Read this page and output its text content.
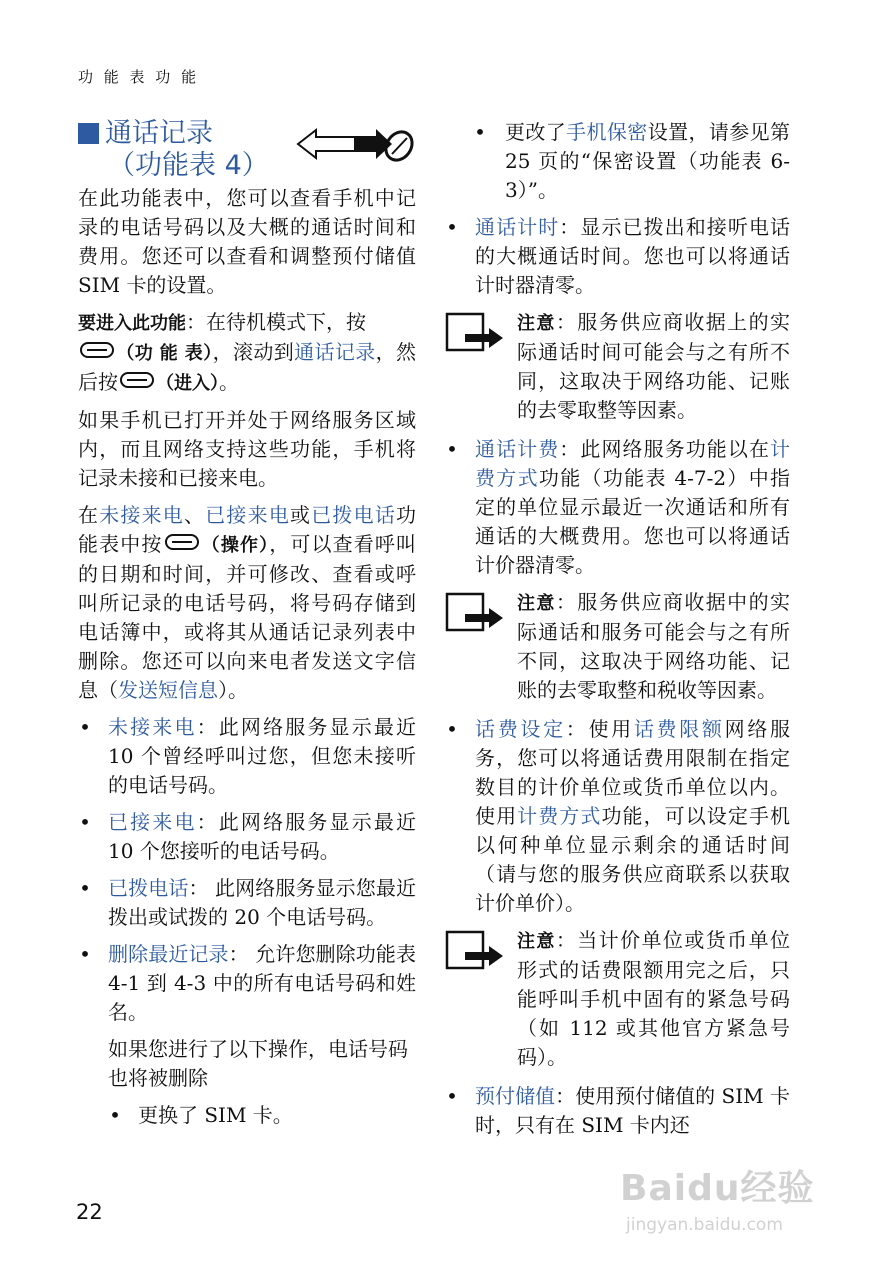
功 能 表 功 能
通话记录
（功能表 4）

在此功能表中，您可以查看手机中记录的电话号码以及大概的通话时间和费用。您还可以查看和调整预付储值 SIM 卡的设置。

要进入此功能：在待机模式下，按
（功 能 表），滚动到通话记录，然后按 （进入）。

如果手机已打开并处于网络服务区域内，而且网络支持这些功能，手机将记录未接和已接来电。

在未接来电、已接来电或已拨电话功能表中按 （操作），可以查看呼叫的日期和时间，并可修改、查看或呼叫所记录的电话号码，将号码存储到电话簿中，或将其从通话记录列表中删除。您还可以向来电者发送文字信息（发送短信息）。

• 未接来电：此网络服务显示最近 10 个曾经呼叫过您，但您未接听的电话号码。
• 已接来电：此网络服务显示最近 10 个您接听的电话号码。
• 已拨电话： 此网络服务显示您最近拨出或试拨的 20 个电话号码。
• 删除最近记录： 允许您删除功能表 4-1 到 4-3 中的所有电话号码和姓名。

如果您进行了以下操作，电话号码也将被删除

• 更换了 SIM 卡。
• 更改了手机保密设置，请参见第 25 页的“保密设置（功能表 6-3）”。
• 通话计时：显示已拨出和接听电话的大概通话时间。您也可以将通话计时器清零。
注意：服务供应商收据上的实际通话时间可能会与之有所不同，这取决于网络功能、记账的去零取整等因素。
• 通话计费：此网络服务功能以在计费方式功能（功能表 4-7-2）中指定的单位显示最近一次通话和所有通话的大概费用。您也可以将通话计价器清零。
注意：服务供应商收据中的实际通话和服务可能会与之有所不同，这取决于网络功能、记账的去零取整和税收等因素。
• 话费设定：使用话费限额网络服务，您可以将通话费用限制在指定数目的计价单位或货币单位以内。使用计费方式功能，可以设定手机以何种单位显示剩余的通话时间（请与您的服务供应商联系以获取计价单价）。
注意：当计价单位或货币单位形式的话费限额用完之后，只能呼叫手机中固有的紧急号码（如 112 或其他官方紧急号码）。
• 预付储值：使用预付储值的 SIM 卡时，只有在 SIM 卡内还
22
Baidu经验
jingyan.baidu.com
